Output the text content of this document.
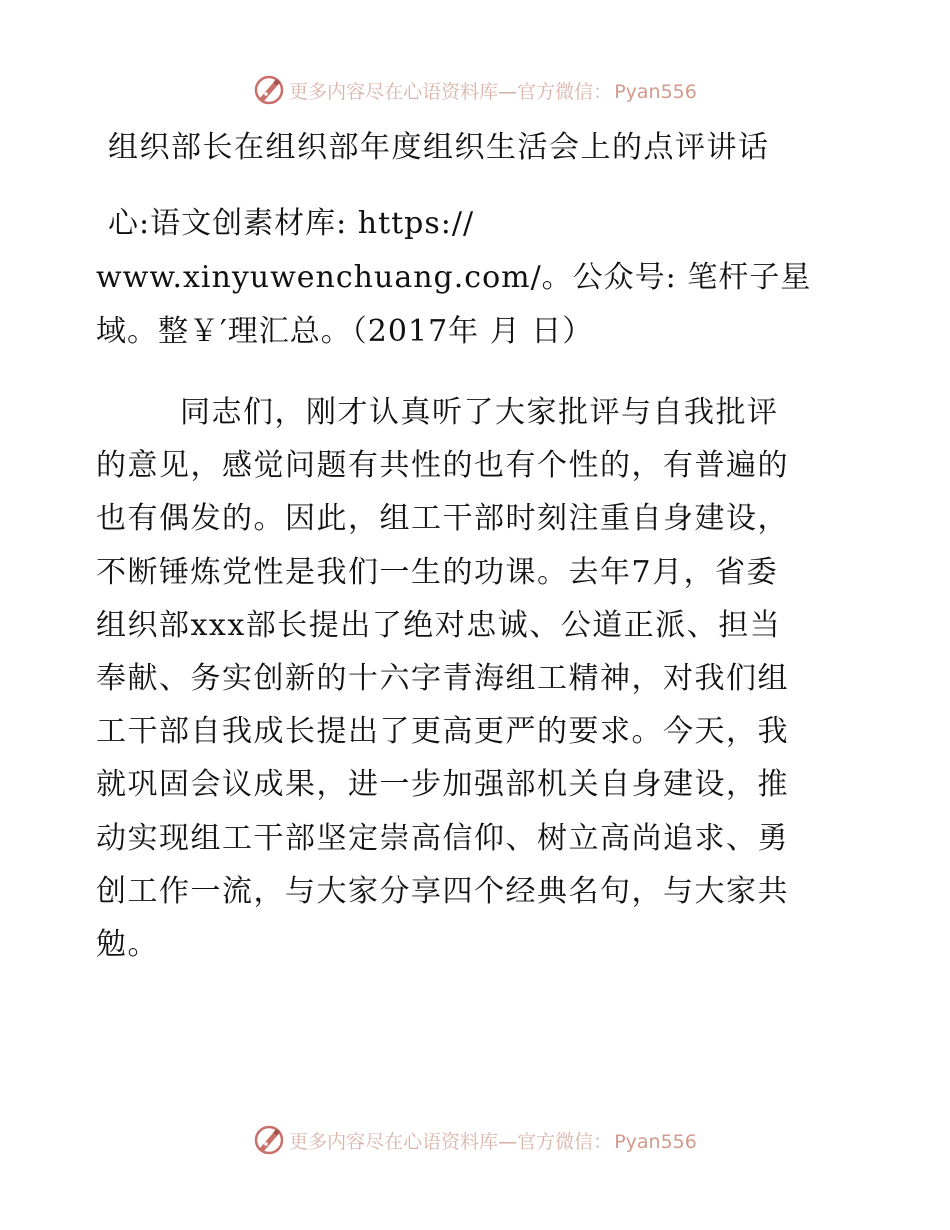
更多内容尽在心语资料库—官方微信： Pyan556
组织部长在组织部年度组织生活会上的点评讲话
心:语文创素材库: https://
www.xinyuwenchuang.com/。公众号: 笔杆子星
域。整￥′理汇总。（2017年 月 日）
同志们，刚才认真听了大家批评与自我批评
的意见，感觉问题有共性的也有个性的，有普遍的
也有偶发的。因此，组工干部时刻注重自身建设，
不断锤炼党性是我们一生的功课。去年7月，省委
组织部xxx部长提出了绝对忠诚、公道正派、担当
奉献、务实创新的十六字青海组工精神，对我们组
工干部自我成长提出了更高更严的要求。今天，我
就巩固会议成果，进一步加强部机关自身建设，推
动实现组工干部坚定崇高信仰、树立高尚追求、勇
创工作一流，与大家分享四个经典名句，与大家共
勉。
更多内容尽在心语资料库—官方微信： Pyan556
